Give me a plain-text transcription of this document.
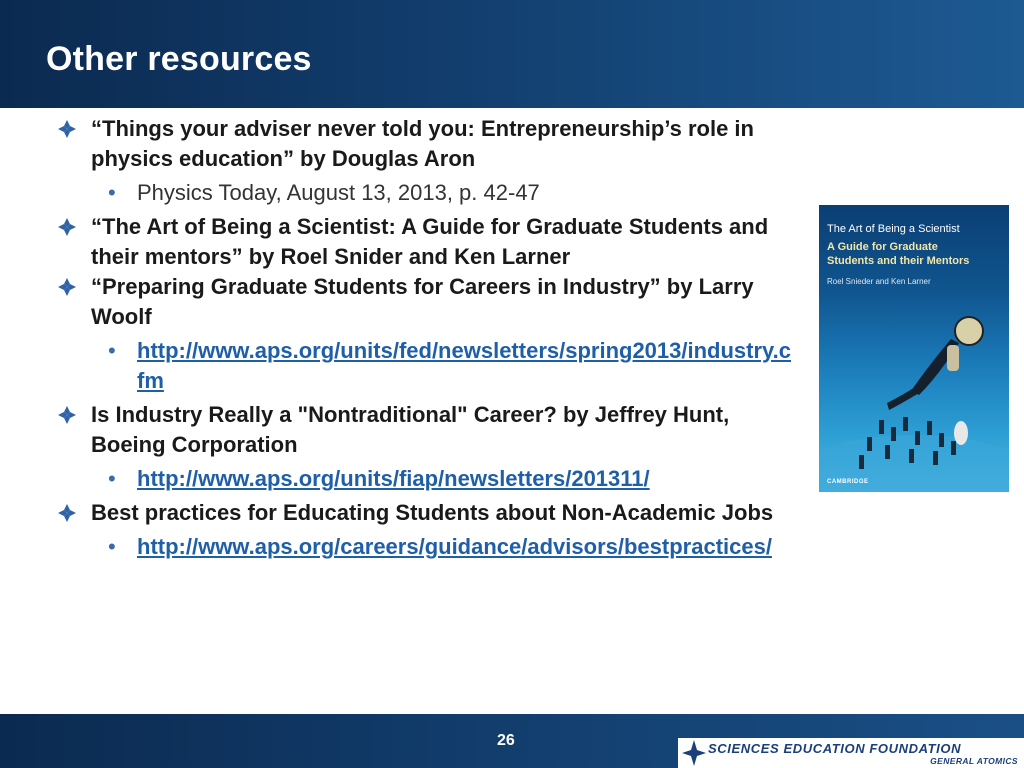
Other resources
“Things your adviser never told you: Entrepreneurship’s role in physics education” by Douglas Aron
• Physics Today, August 13, 2013, p. 42-47
“The Art of Being a Scientist: A Guide for Graduate Students and their mentors” by Roel Snider and Ken Larner
“Preparing Graduate Students for Careers in Industry” by Larry Woolf
• http://www.aps.org/units/fed/newsletters/spring2013/industry.cfm
Is Industry Really a "Nontraditional" Career? by Jeffrey Hunt, Boeing Corporation
• http://www.aps.org/units/fiap/newsletters/201311/
Best practices for Educating Students about Non-Academic Jobs
• http://www.aps.org/careers/guidance/advisors/bestpractices/
The Art of Being a Scientist
A Guide for Graduate
Students and their Mentors
Roel Snieder and Ken Larner
CAMBRIDGE
26	SCIENCES EDUCATION FOUNDATION
GENERAL ATOMICS
